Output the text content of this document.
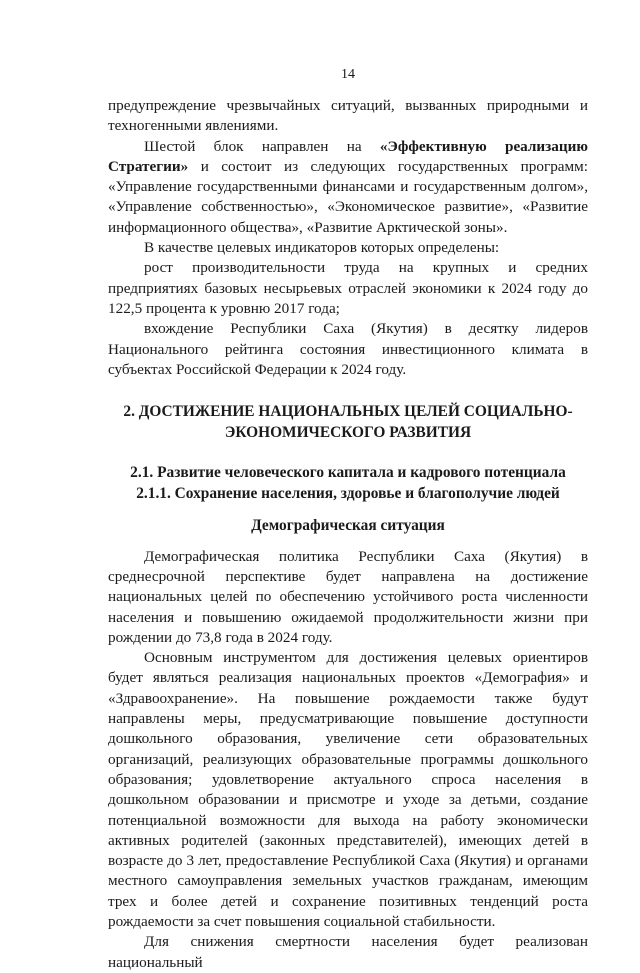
14

предупреждение чрезвычайных ситуаций, вызванных природными и техногенными явлениями.

Шестой блок направлен на «Эффективную реализацию Стратегии» и состоит из следующих государственных программ: «Управление государственными финансами и государственным долгом», «Управление собственностью», «Экономическое развитие», «Развитие информационного общества», «Развитие Арктической зоны».

В качестве целевых индикаторов которых определены:

рост производительности труда на крупных и средних предприятиях базовых несырьевых отраслей экономики к 2024 году до 122,5 процента к уровню 2017 года;

вхождение Республики Саха (Якутия) в десятку лидеров Национального рейтинга состояния инвестиционного климата в субъектах Российской Федерации к 2024 году.

2. ДОСТИЖЕНИЕ НАЦИОНАЛЬНЫХ ЦЕЛЕЙ СОЦИАЛЬНО-ЭКОНОМИЧЕСКОГО РАЗВИТИЯ
2.1. Развитие человеческого капитала и кадрового потенциала
2.1.1. Сохранение населения, здоровье и благополучие людей
Демографическая ситуация

Демографическая политика Республики Саха (Якутия) в среднесрочной перспективе будет направлена на достижение национальных целей по обеспечению устойчивого роста численности населения и повышению ожидаемой продолжительности жизни при рождении до 73,8 года в 2024 году.

Основным инструментом для достижения целевых ориентиров будет являться реализация национальных проектов «Демография» и «Здравоохранение». На повышение рождаемости также будут направлены меры, предусматривающие повышение доступности дошкольного образования, увеличение сети образовательных организаций, реализующих образовательные программы дошкольного образования; удовлетворение актуального спроса населения в дошкольном образовании и присмотре и уходе за детьми, создание потенциальной возможности для выхода на работу экономически активных родителей (законных представителей), имеющих детей в возрасте до 3 лет, предоставление Республикой Саха (Якутия) и органами местного самоуправления земельных участков гражданам, имеющим трех и более детей и сохранение позитивных тенденций роста рождаемости за счет повышения социальной стабильности.

Для снижения смертности населения будет реализован национальный
